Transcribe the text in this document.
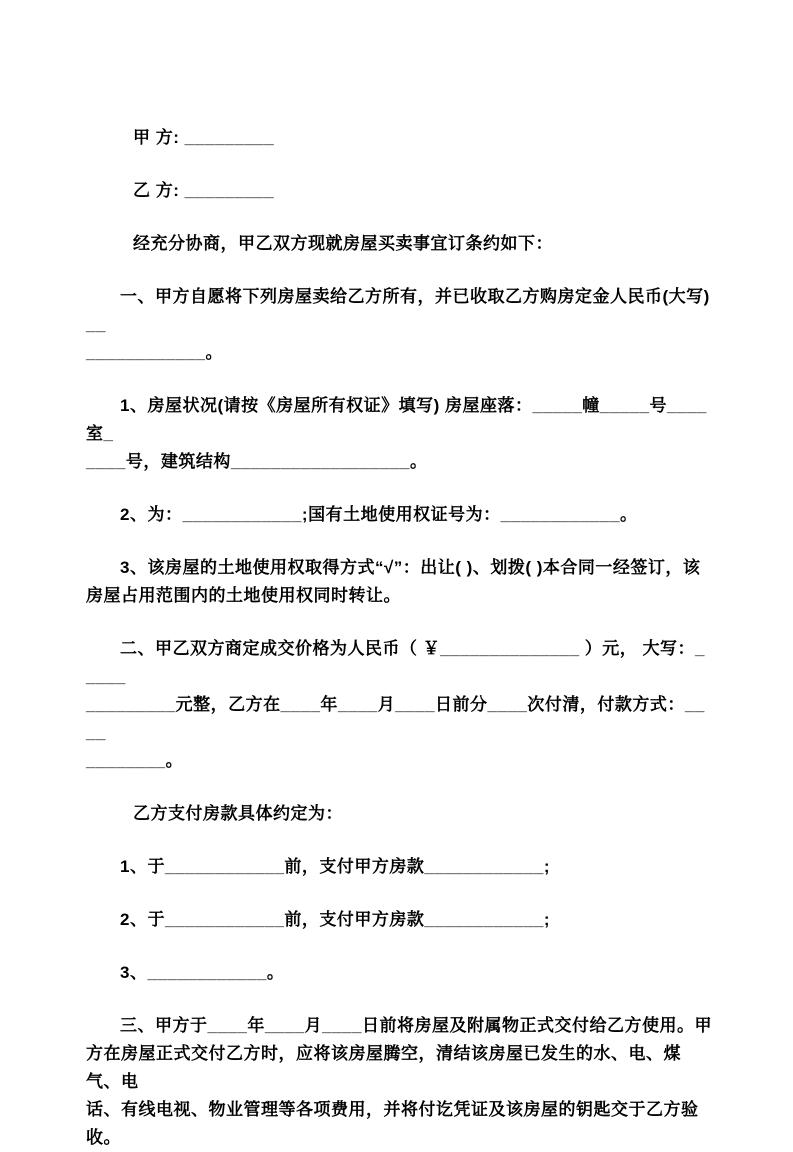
甲 方: _________

乙 方: _________

经充分协商，甲乙双方现就房屋买卖事宜订条约如下：

一、甲方自愿将下列房屋卖给乙方所有，并已收取乙方购房定金人民币(大写)__
____________。

1、房屋状况(请按《房屋所有权证》填写) 房屋座落：_____幢_____号____室_
____号，建筑结构__________________。

2、为：____________;国有土地使用权证号为：____________。

3、该房屋的土地使用权取得方式“√”：出让( )、划拨( )本合同一经签订，该
房屋占用范围内的土地使用权同时转让。

二、甲乙双方商定成交价格为人民币（ ￥______________ ）元， 大写：_____
_________元整，乙方在____年____月____日前分____次付清，付款方式：____
________。

乙方支付房款具体约定为：

1、于____________前，支付甲方房款____________;

2、于____________前，支付甲方房款____________;

3、____________。

三、甲方于____年____月____日前将房屋及附属物正式交付给乙方使用。甲
方在房屋正式交付乙方时，应将该房屋腾空，清结该房屋已发生的水、电、煤气、电
话、有线电视、物业管理等各项费用，并将付讫凭证及该房屋的钥匙交于乙方验收。
